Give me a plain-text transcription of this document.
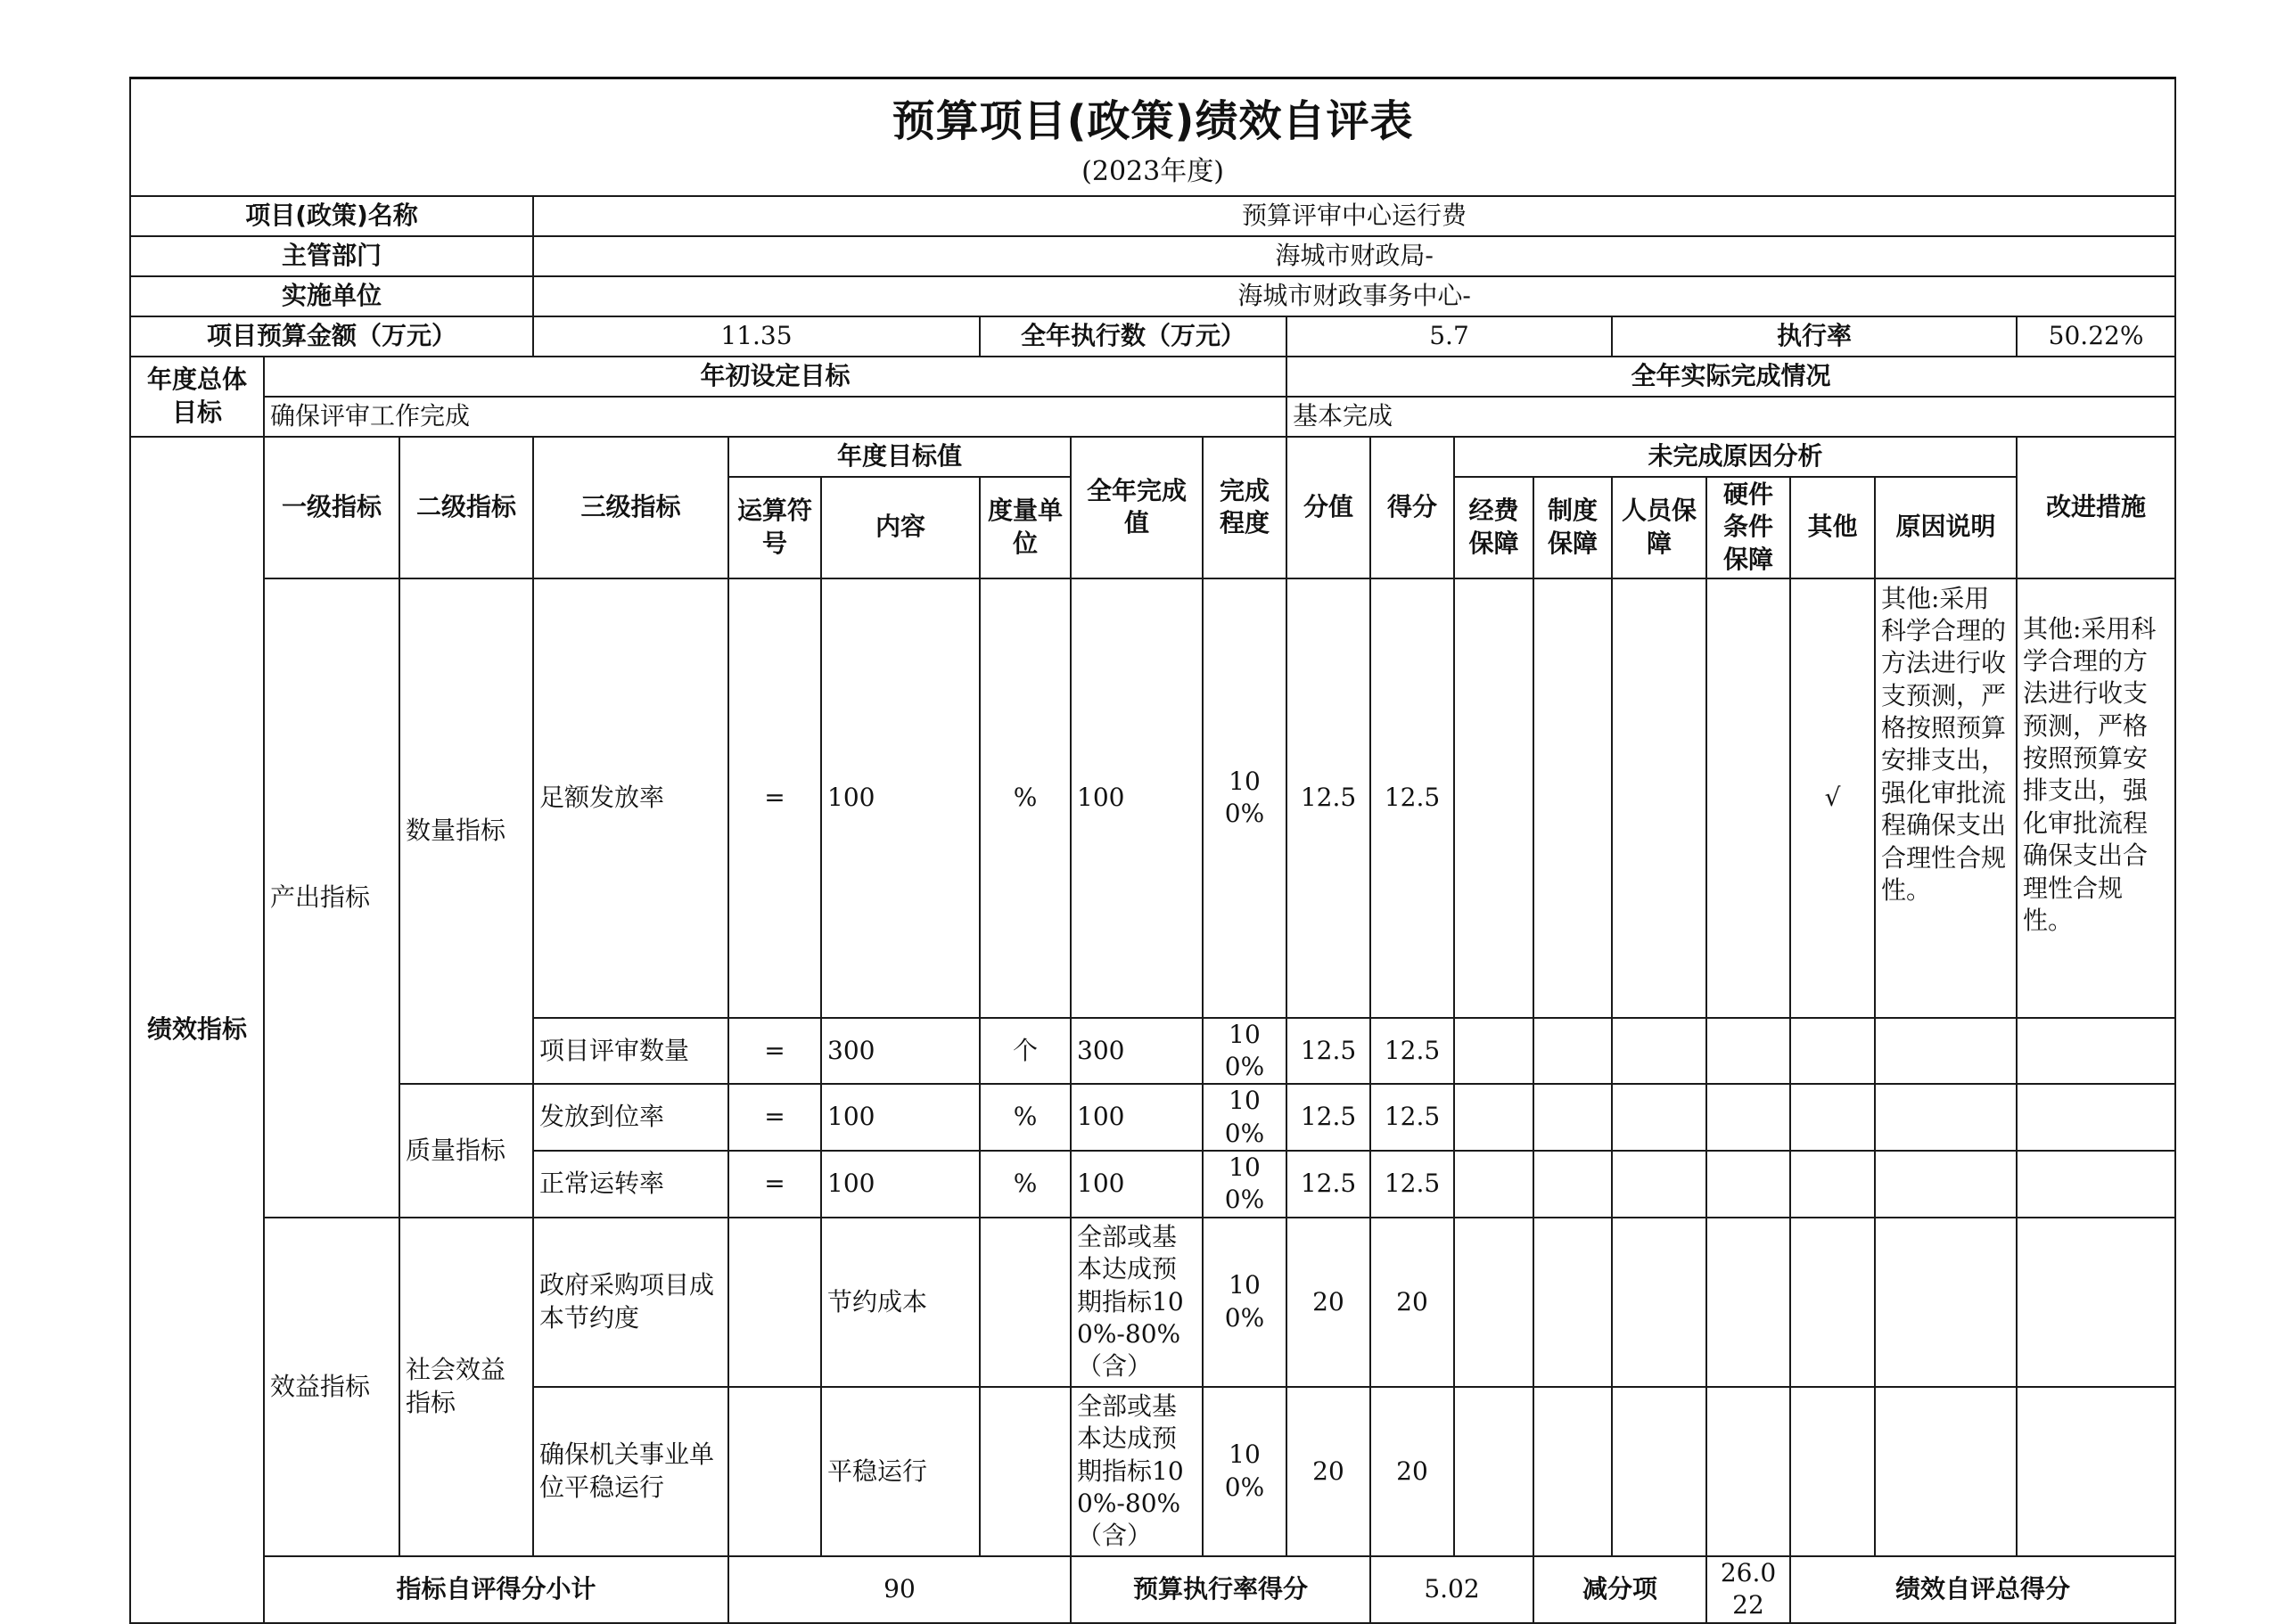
预算项目(政策)绩效自评表
(2023年度)																		

项目(政策)名称			预算评审中心运行费															
主管部门			海城市财政局-															
实施单位			海城市财政事务中心-															
项目预算金额（万元）			11.35			全年执行数（万元）			5.7				执行率				50.22%	
年度总体目标	年初设定目标								全年实际完成情况									
	确保评审工作完成								基本完成									
绩效指标	一级指标	二级指标	三级指标	年度目标值			全年完成值	完成程度	分值	得分	未完成原因分析						改进措施	
				运算符号	内容	度量单位					经费保障	制度保障	人员保障	硬件条件保障	其他	原因说明		
	产出指标	数量指标	足额发放率	=	100	%	100	100%	12.5	12.5					√	其他:采用科学合理的方法进行收支预测，严格按照预算安排支出，强化审批流程确保支出合理性合规性。	其他:采用科学合理的方法进行收支预测，严格按照预算安排支出，强化审批流程确保支出合理性合规性。	
			项目评审数量	=	300	个	300	100%	12.5	12.5								
		质量指标	发放到位率	=	100	%	100	100%	12.5	12.5								
			正常运转率	=	100	%	100	100%	12.5	12.5								
	效益指标	社会效益指标	政府采购项目成本节约度		节约成本		全部或基本达成预期指标100%-80%（含）	100%	20	20								
			确保机关事业单位平稳运行		平稳运行		全部或基本达成预期指标100%-80%（含）	100%	20	20								
	指标自评得分小计			90			预算执行率得分			5.02		减分项		26.022	绩效自评总得分	
